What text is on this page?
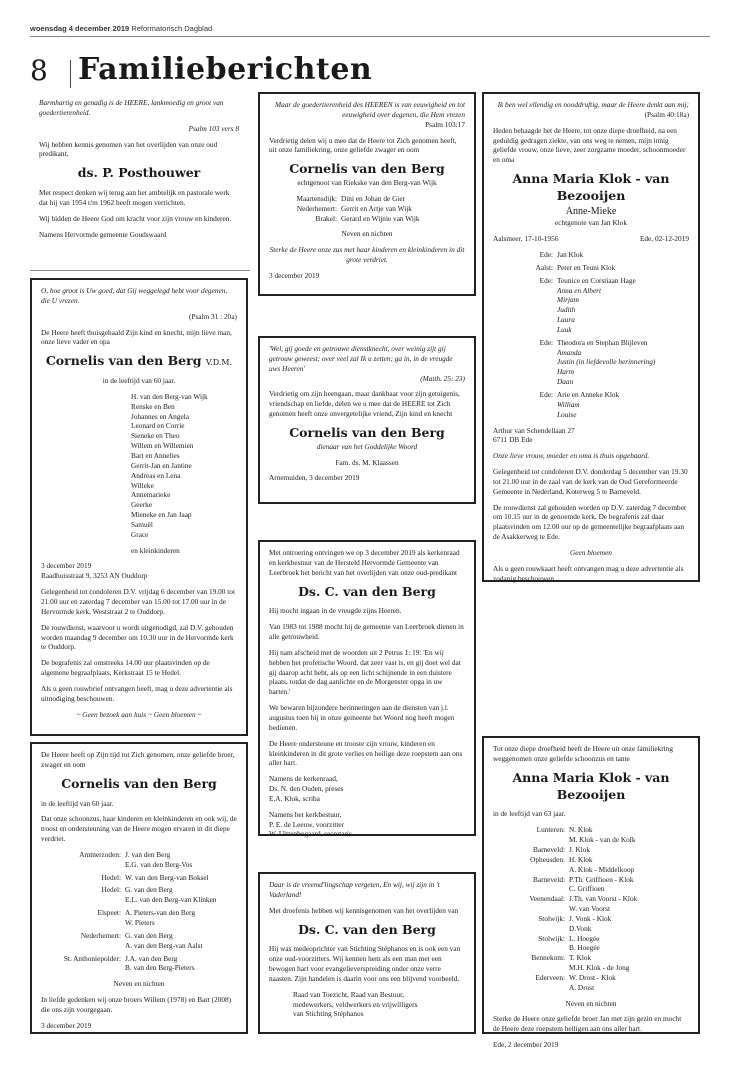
woensdag 4 december 2019 Reformatorisch Dagblad
8 Familieberichten

Barmhartig en genadig is de HEERE, lankmoedig en groot van goedertierenheid.

Psalm 103 vers 8

Wij hebben kennis genomen van het overlijden van onze oud predikant,

ds. P. Posthouwer

Met respect denken wij terug aan het ambtelijk en pastorale werk dat hij van 1954 t/m 1962 heeft mogen verrichten.

Wij bidden de Heere God om kracht voor zijn vrouw en kinderen.

Namens Hervormde gemeente Goudswaard

O, hoe groot is Uw goed, dat Gij weggelegd hebt voor degenen, die U vrezen.

(Psalm 31 : 20a)

De Heere heeft thuisgehaald Zijn kind en knecht, mijn lieve man, onze lieve vader en opa

Cornelis van den Berg V.D.M.

in de leeftijd van 60 jaar.

H. van den Berg-van Wijk
Renske en Ben
Johannes en Angela
Leonard en Corrie
Sieneke en Theo
Willem en Willemien
Bart en Annelies
Gerrit-Jan en Jantine
Andreas en Lena
Willeke
Annemarieke
Geerke
Mieneke en Jan Jaap
Samuël
Grace

en kleinkinderen

3 december 2019

Raadhuisstraat 9, 3253 AN Ouddorp

Gelegenheid tot condoleren D.V. vrijdag 6 december van 19.00 tot 21.00 uur en zaterdag 7 december van 15.00 tot 17.00 uur in de Hervormde kerk, Weststraat 2 te Ouddorp.

De rouwdienst, waarvoor u wordt uitgenodigd, zal D.V. gehouden worden maandag 9 december om 10.30 uur in de Hervormde kerk te Ouddorp.

De begrafenis zal omstreeks 14.00 uur plaatsvinden op de algemene begraafplaats, Kerkstraat 15 te Hedel.

Als u geen rouwbrief ontvangen heeft, mag u deze advertentie als uitnodiging beschouwen.

~ Geen bezoek aan huis ~ Geen bloemen ~

De Heere heeft op Zijn tijd tot Zich genomen, onze geliefde broer, zwager en oom

Cornelis van den Berg

in de leeftijd van 60 jaar.

Dat onze schoonzus, haar kinderen en kleinkinderen en ook wij, de troost en ondersteuning van de Heere mogen ervaren in dit diepe verdriet.

Ammerzoden: J. van den Berg
E.G. van den Berg-Vos
Hedel: W. van den Berg-van Boksel
Hedel: G. van den Berg
E.L. van den Berg-van Klinken
Elspeet: A. Pieters-van den Berg
W. Pieters
Nederhemert: G. van den Berg
A. van den Berg-van Aalst
St. Anthoniepolder: J.A. van den Berg
B. van den Berg-Pieters

Neven en nichten

In liefde gedenken wij onze broers Willem (1978) en Bart (2008) die ons zijn voorgegaan.

3 december 2019

Maar de goedertierenheid des HEEREN is van eeuwigheid en tot eeuwigheid over degenen, die Hem vrezen

Psalm 103:17

Verdrietig delen wij u mee dat de Heere tot Zich genomen heeft, uit onze familiekring, onze geliefde zwager en oom

Cornelis van den Berg

echtgenoot van Riekske van den Berg-van Wijk

Maartensdijk: Dini en Johan de Gier
Nederhemert: Gerrit en Artje van Wijk
Brakel: Gerard en Wijnie van Wijk

Neven en nichten

Sterke de Heere onze zus met haar kinderen en kleinkinderen in dit grote verdriet.

3 december 2019

'Wel, gij goede en getrouwe dienstknecht, over weinig zijt gij getrouw geweest; over veel zal Ik u zetten; ga in, in de vreugde uws Heeren'

(Matth. 25: 23)

Verdrietig om zijn heengaan, maar dankbaar voor zijn getuigenis, vriendschap en liefde, delen we u mee dat de HEERE tot Zich genomen heeft onze onvergetelijke vriend, Zijn kind en knecht

Cornelis van den Berg

dienaar van het Goddelijke Woord

Fam. ds. M. Klaassen

Arnemuiden, 3 december 2019

Met ontroering ontvingen we op 3 december 2019 als kerkenraad en kerkbestuur van de Hersteld Hervormde Gemeente van Leerbroek het bericht van het overlijden van onze oud-predikant

Ds. C. van den Berg

Hij mocht ingaan in de vreugde zijns Heeren.

Van 1983 tot 1988 mocht hij de gemeente van Leerbroek dienen in alle getrouwheid.

Hij nam afscheid met de woorden uit 2 Petrus 1: 19: 'En wij hebben het profetische Woord, dat zeer vast is, en gij doet wel dat gij daarop acht hebt, als op een licht schijnende in een duistere plaats, totdat de dag aanlichte en de Morgenster opga in uw harten.'

We bewaren bijzondere herinneringen aan de diensten van j.l. augustus toen hij in onze gemeente het Woord nog heeft mogen bedienen.

De Heere ondersteune en trooste zijn vrouw, kinderen en kleinkinderen in dit grote verlies en heilige deze roepstem aan ons aller hart.

Namens de kerkenraad,
Ds. N. den Ouden, preses
E.A. Klok, scriba

Namens het kerkbestuur,
P. E. de Leeuw, voorzitter
W. Uittenbogaard, secretaris

Daar is de vreemd'lingschap vergeten, En wij, wij zijn in 't Vaderland!

Met droefenis hebben wij kennisgenomen van het overlijden van

Ds. C. van den Berg

Hij was medeoprichter van Stichting Stéphanos en is ook een van onze oud-voorzitters. Wij kennen hem als een man met een bewogen hart voor evangelieverspreiding onder onze verre naasten. Zijn handelen is daarin voor ons een blijvend voorbeeld.

Raad van Toezicht, Raad van Bestuur,
medewerkers, veldwerkers en vrijwilligers
van Stichting Stéphanos

Ik ben wel ellendig en nooddruftig, maar de Heere denkt aan mij;

(Psalm 40:18a)

Heden behaagde het de Heere, tot onze diepe droefheid, na een geduldig gedragen ziekte, van ons weg te nemen, mijn innig geliefde vrouw, onze lieve, zeer zorgzame moeder, schoonmoeder en oma

Anna Maria Klok - van Bezooijen
Anne-Mieke

echtgenote van Jan Klok

Aalsmeer, 17-10-1956	Ede, 02-12-2019

Ede: Jan Klok
Aalst: Peter en Teuni Klok
Ede: Teunice en Corstiaan Hage
Anna en Albert
Mirjam
Judith
Laura
Luuk
Ede: Theodora en Stephan Blijleven
Amanda
Justin (in liefdevolle herinnering)
Harm
Daan
Ede: Arie en Anneke Klok
William
Louise

Arthur van Schendellaan 27
6711 DB Ede

Onze lieve vrouw, moeder en oma is thuis opgebaard.

Gelegenheid tot condoleren D.V. donderdag 5 december van 19.30 tot 21.00 uur in de zaal van de kerk van de Oud Gereformeerde Gemeente in Nederland, Koterweg 5 te Barneveld.

De rouwdienst zal gehouden worden op D.V. zaterdag 7 december om 10.15 uur in de genoemde kerk. De begrafenis zal daar plaatsvinden om 12.00 uur op de gemeentelijke begraafplaats aan de Asakkerweg te Ede.

Geen bloemen

Als u geen rouwkaart heeft ontvangen mag u deze advertentie als zodanig beschouwen.

Tot onze diepe droefheid heeft de Heere uit onze familiekring weggenomen onze geliefde schoonzus en tante

Anna Maria Klok - van Bezooijen

in de leeftijd van 63 jaar.

Lunteren: N. Klok
M. Klok - van de Kolk
Barneveld: J. Klok
Opheusden: H. Klok
A. Klok - Middelkoop
Barneveld: P.Th. Griffioen - Klok
C. Griffioen
Veenendaal: J.Th. van Voorst - Klok
W. van Voorst
Stolwijk: J. Vonk - Klok
D.Vonk
Stolwijk: L. Hoegée
B. Hoegée
Bennekom: T. Klok
M.H. Klok - de Jong
Ederveen: W. Drost - Klok
A. Drost

Neven en nichten

Sterke de Heere onze geliefde broer Jan met zijn gezin en mocht de Heere deze roepstem heiligen aan ons aller hart.

Ede, 2 december 2019
